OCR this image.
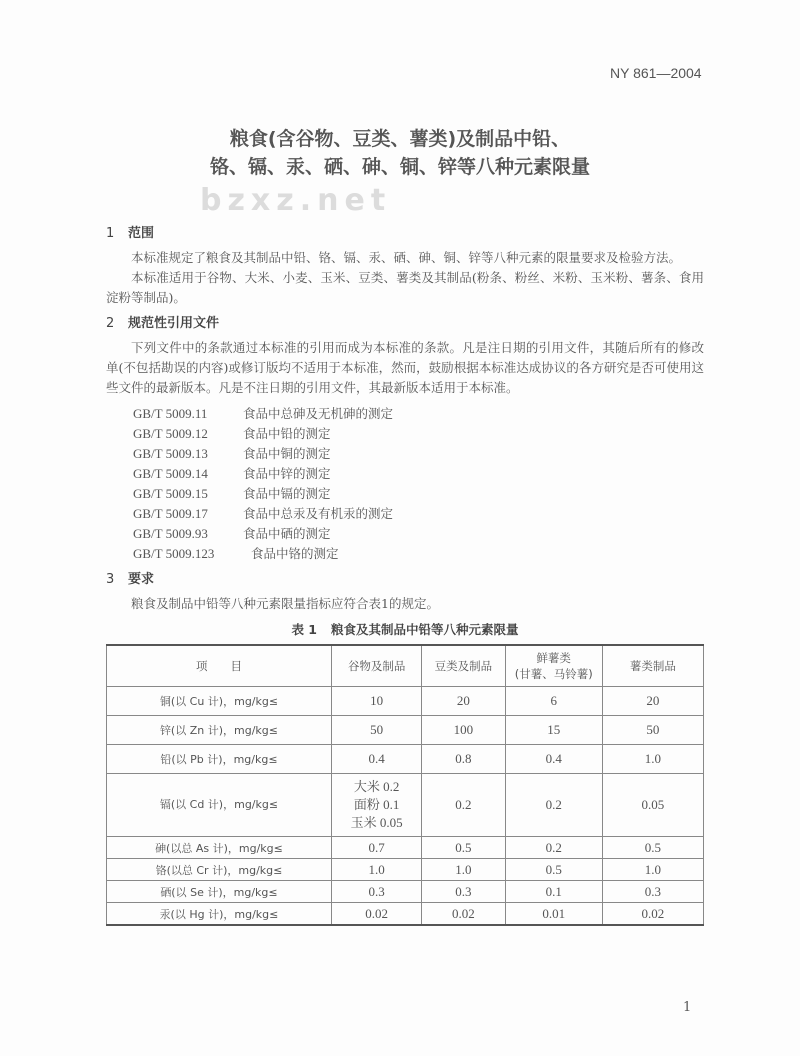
NY 861—2004
粮食(含谷物、豆类、薯类)及制品中铅、
铬、镉、汞、硒、砷、铜、锌等八种元素限量
bzxz.net
1 范围

本标准规定了粮食及其制品中铅、铬、镉、汞、硒、砷、铜、锌等八种元素的限量要求及检验方法。

本标准适用于谷物、大米、小麦、玉米、豆类、薯类及其制品(粉条、粉丝、米粉、玉米粉、薯条、食用淀粉等制品)。

2 规范性引用文件

下列文件中的条款通过本标准的引用而成为本标准的条款。凡是注日期的引用文件，其随后所有的修改单(不包括勘误的内容)或修订版均不适用于本标准，然而，鼓励根据本标准达成协议的各方研究是否可使用这些文件的最新版本。凡是不注日期的引用文件，其最新版本适用于本标准。

GB/T 5009.11	食品中总砷及无机砷的测定
GB/T 5009.12	食品中铅的测定
GB/T 5009.13	食品中铜的测定
GB/T 5009.14	食品中锌的测定
GB/T 5009.15	食品中镉的测定
GB/T 5009.17	食品中总汞及有机汞的测定
GB/T 5009.93	食品中硒的测定
GB/T 5009.123	食品中铬的测定
3 要求

粮食及制品中铅等八种元素限量指标应符合表1的规定。

表 1 粮食及其制品中铅等八种元素限量
项　　目	谷物及制品	豆类及制品	鲜薯类
(甘薯、马铃薯)	薯类制品
铜(以 Cu 计)，mg/kg≤	10	20	6	20
锌(以 Zn 计)，mg/kg≤	50	100	15	50
铅(以 Pb 计)，mg/kg≤	0.4	0.8	0.4	1.0
镉(以 Cd 计)，mg/kg≤	大米 0.2
面粉 0.1
玉米 0.05	0.2	0.2	0.05
砷(以总 As 计)，mg/kg≤	0.7	0.5	0.2	0.5
铬(以总 Cr 计)，mg/kg≤	1.0	1.0	0.5	1.0
硒(以 Se 计)，mg/kg≤	0.3	0.3	0.1	0.3
汞(以 Hg 计)，mg/kg≤	0.02	0.02	0.01	0.02
1
